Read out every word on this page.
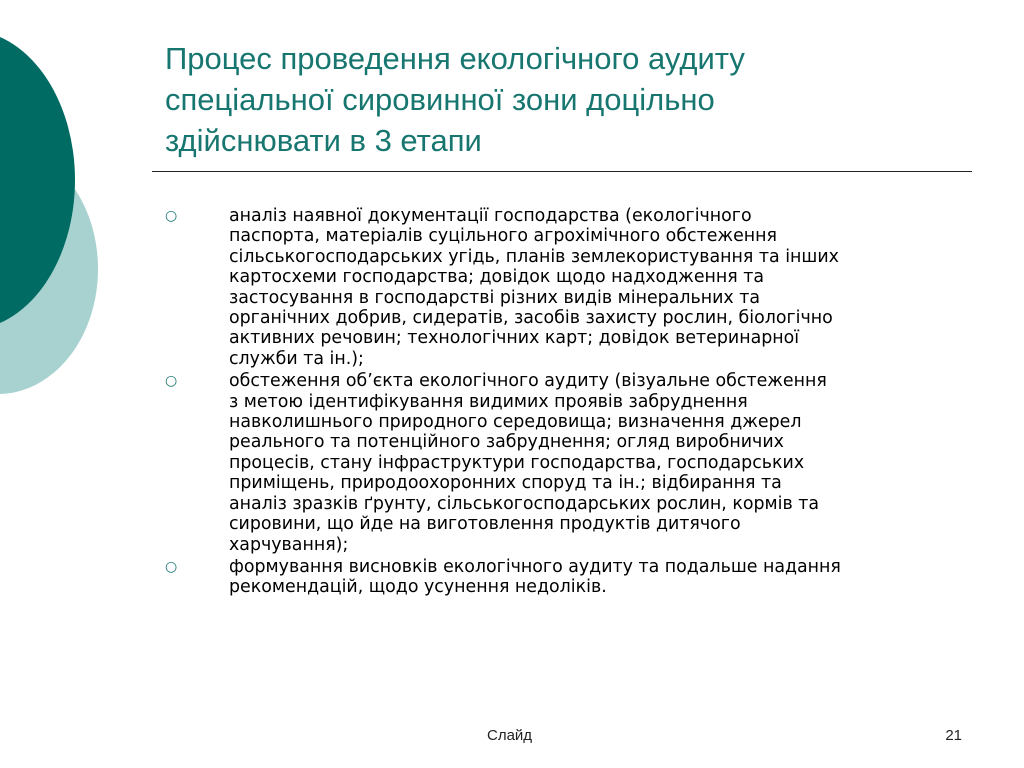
Процес проведення екологічного аудиту
спеціальної сировинної зони доцільно
здійснювати в 3 етапи
○	аналіз наявної документації господарства (екологічного
паспорта, матеріалів суцільного агрохімічного обстеження
сільськогосподарських угідь, планів землекористування та інших
картосхеми господарства; довідок щодо надходження та
застосування в господарстві різних видів мінеральних та
органічних добрив, сидератів, засобів захисту рослин, біологічно
активних речовин; технологічних карт; довідок ветеринарної
служби та ін.);
○	обстеження об’єкта екологічного аудиту (візуальне обстеження
з метою ідентифікування видимих проявів забруднення
навколишнього природного середовища; визначення джерел
реального та потенційного забруднення; огляд виробничих
процесів, стану інфраструктури господарства, господарських
приміщень, природоохоронних споруд та ін.; відбирання та
аналіз зразків ґрунту, сільськогосподарських рослин, кормів та
сировини, що йде на виготовлення продуктів дитячого
харчування);
○	формування висновків екологічного аудиту та подальше надання
рекомендацій, щодо усунення недоліків.
Слайд	21
